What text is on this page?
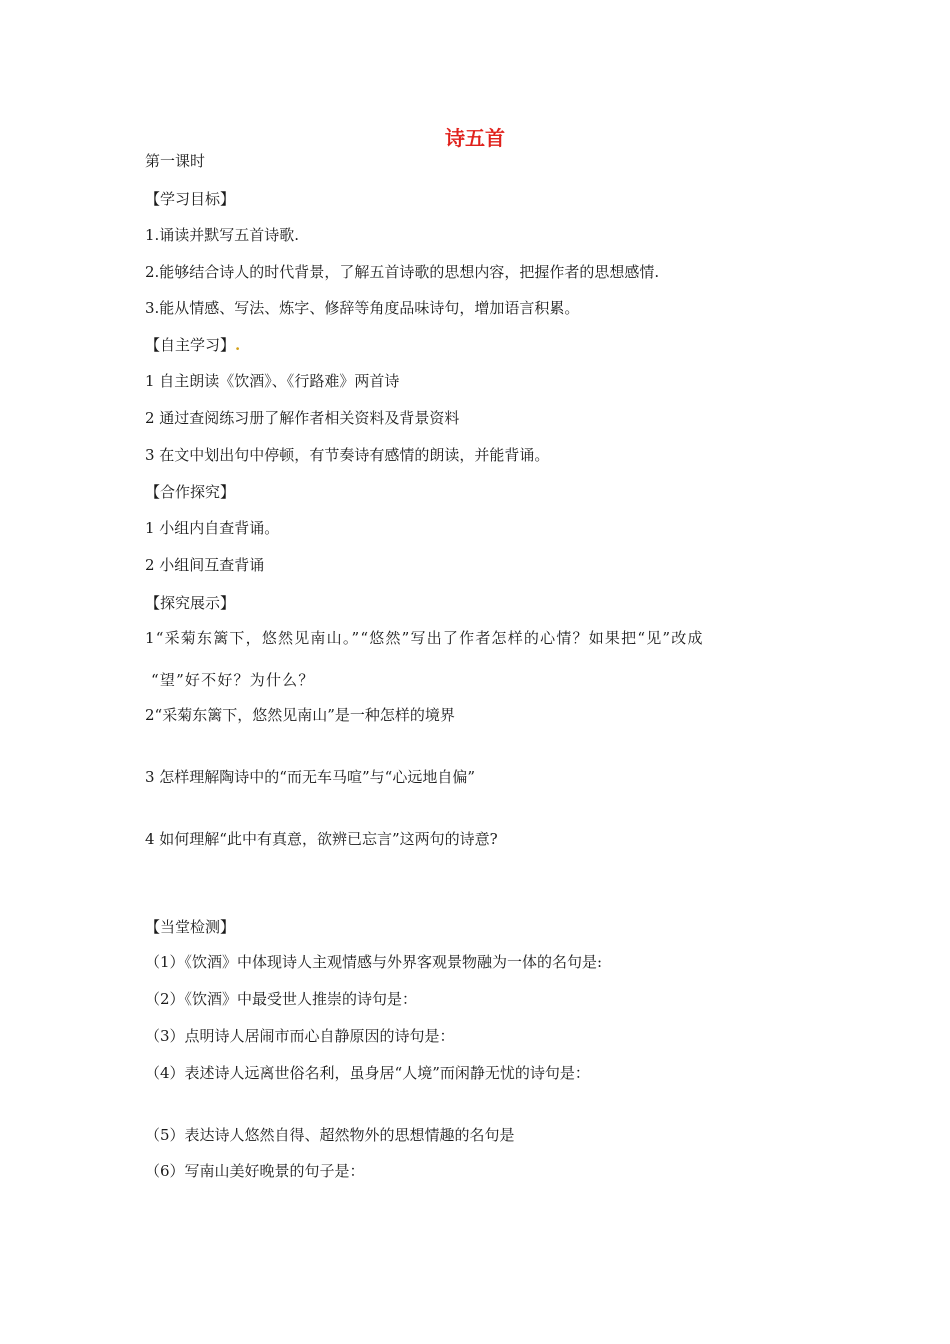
诗五首
第一课时
【学习目标】
1.诵读并默写五首诗歌.
2.能够结合诗人的时代背景，了解五首诗歌的思想内容，把握作者的思想感情.
3.能从情感、写法、炼字、修辞等角度品味诗句，增加语言积累。
【自主学习】.
1 自主朗读《饮酒》、《行路难》两首诗
2 通过查阅练习册了解作者相关资料及背景资料
3 在文中划出句中停顿，有节奏诗有感情的朗读，并能背诵。
【合作探究】
1 小组内自查背诵。
2 小组间互查背诵
【探究展示】
1“采菊东篱下，悠然见南山。”“悠然”写出了作者怎样的心情？如果把“见”改成
“望”好不好？为什么？
2“采菊东篱下，悠然见南山”是一种怎样的境界
3 怎样理解陶诗中的“而无车马喧”与“心远地自偏”
4 如何理解“此中有真意，欲辨已忘言”这两句的诗意?
【当堂检测】
（1）《饮酒》中体现诗人主观情感与外界客观景物融为一体的名句是:
（2）《饮酒》中最受世人推崇的诗句是：
（3）点明诗人居闹市而心自静原因的诗句是：
（4）表述诗人远离世俗名利，虽身居“人境”而闲静无忧的诗句是：
（5）表达诗人悠然自得、超然物外的思想情趣的名句是
（6）写南山美好晚景的句子是：
